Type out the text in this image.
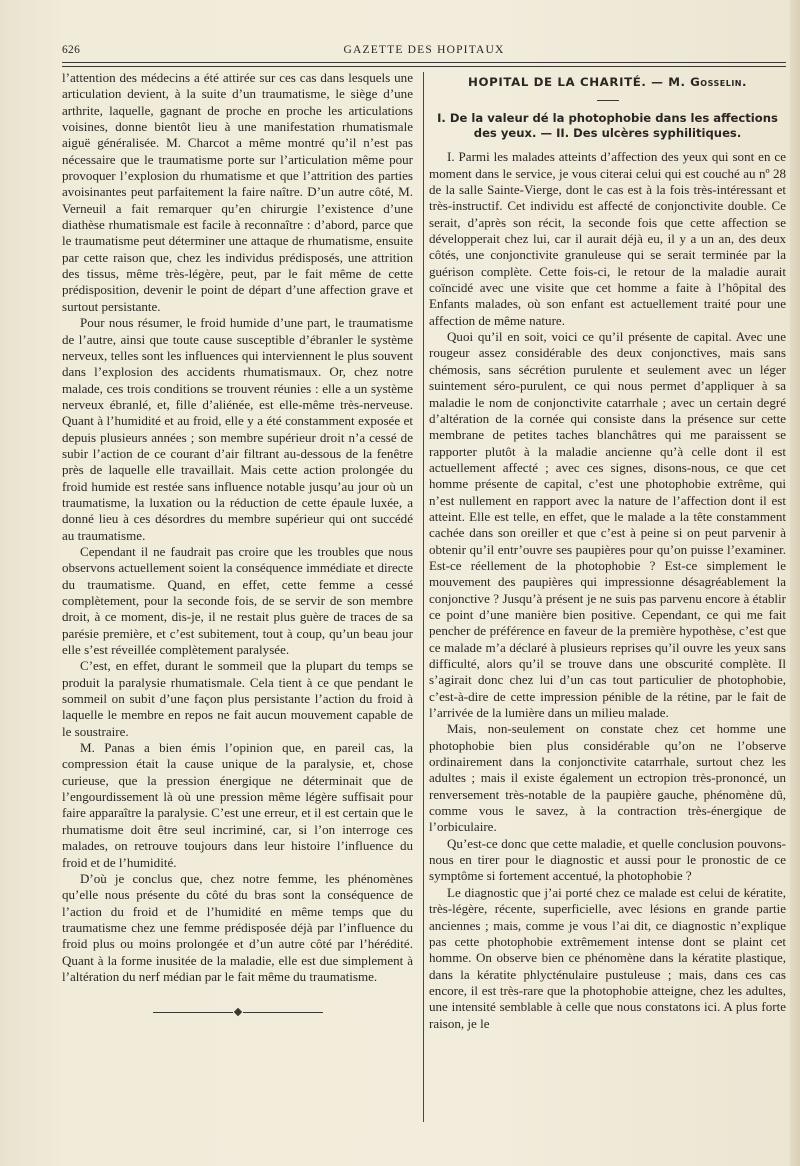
626	GAZETTE DES HOPITAUX

l’attention des médecins a été attirée sur ces cas dans lesquels une articulation devient, à la suite d’un traumatisme, le siège d’une arthrite, laquelle, gagnant de proche en proche les articulations voisines, donne bientôt lieu à une manifestation rhumatismale aiguë généralisée. M. Charcot a même montré qu’il n’est pas nécessaire que le traumatisme porte sur l’articulation même pour provoquer l’explosion du rhumatisme et que l’attrition des parties avoisinantes peut parfaitement la faire naître. D’un autre côté, M. Verneuil a fait remarquer qu’en chirurgie l’existence d’une diathèse rhumatismale est facile à reconnaître : d’abord, parce que le traumatisme peut déterminer une attaque de rhumatisme, ensuite par cette raison que, chez les individus prédisposés, une attrition des tissus, même très-légère, peut, par le fait même de cette prédisposition, devenir le point de départ d’une affection grave et surtout persistante.

Pour nous résumer, le froid humide d’une part, le traumatisme de l’autre, ainsi que toute cause susceptible d’ébranler le système nerveux, telles sont les influences qui interviennent le plus souvent dans l’explosion des accidents rhumatismaux. Or, chez notre malade, ces trois conditions se trouvent réunies : elle a un système nerveux ébranlé, et, fille d’aliénée, est elle-même très-nerveuse. Quant à l’humidité et au froid, elle y a été constamment exposée et depuis plusieurs années ; son membre supérieur droit n’a cessé de subir l’action de ce courant d’air filtrant au-dessous de la fenêtre près de laquelle elle travaillait. Mais cette action prolongée du froid humide est restée sans influence notable jusqu’au jour où un traumatisme, la luxation ou la réduction de cette épaule luxée, a donné lieu à ces désordres du membre supérieur qui ont succédé au traumatisme.

Cependant il ne faudrait pas croire que les troubles que nous observons actuellement soient la conséquence immédiate et directe du traumatisme. Quand, en effet, cette femme a cessé complètement, pour la seconde fois, de se servir de son membre droit, à ce moment, dis-je, il ne restait plus guère de traces de sa parésie première, et c’est subitement, tout à coup, qu’un beau jour elle s’est réveillée complètement paralysée.

C’est, en effet, durant le sommeil que la plupart du temps se produit la paralysie rhumatismale. Cela tient à ce que pendant le sommeil on subit d’une façon plus persistante l’action du froid à laquelle le membre en repos ne fait aucun mouvement capable de le soustraire.

M. Panas a bien émis l’opinion que, en pareil cas, la compression était la cause unique de la paralysie, et, chose curieuse, que la pression énergique ne déterminait que de l’engourdissement là où une pression même légère suffisait pour faire apparaître la paralysie. C’est une erreur, et il est certain que le rhumatisme doit être seul incriminé, car, si l’on interroge ces malades, on retrouve toujours dans leur histoire l’influence du froid et de l’humidité.

D’où je conclus que, chez notre femme, les phénomènes qu’elle nous présente du côté du bras sont la conséquence de l’action du froid et de l’humidité en même temps que du traumatisme chez une femme prédisposée déjà par l’influence du froid plus ou moins prolongée et d’un autre côté par l’hérédité. Quant à la forme inusitée de la maladie, elle est due simplement à l’altération du nerf médian par le fait même du traumatisme.

HOPITAL DE LA CHARITÉ. — M. Gosselin.
I. De la valeur dé la photophobie dans les affections des yeux. — II. Des ulcères syphilitiques.

I. Parmi les malades atteints d’affection des yeux qui sont en ce moment dans le service, je vous citerai celui qui est couché au nº 28 de la salle Sainte-Vierge, dont le cas est à la fois très-intéressant et très-instructif. Cet individu est affecté de conjonctivite double. Ce serait, d’après son récit, la seconde fois que cette affection se développerait chez lui, car il aurait déjà eu, il y a un an, des deux côtés, une conjonctivite granuleuse qui se serait terminée par la guérison complète. Cette fois-ci, le retour de la maladie aurait coïncidé avec une visite que cet homme a faite à l’hôpital des Enfants malades, où son enfant est actuellement traité pour une affection de même nature.

Quoi qu’il en soit, voici ce qu’il présente de capital. Avec une rougeur assez considérable des deux conjonctives, mais sans chémosis, sans sécrétion purulente et seulement avec un léger suintement séro-purulent, ce qui nous permet d’appliquer à sa maladie le nom de conjonctivite catarrhale ; avec un certain degré d’altération de la cornée qui consiste dans la présence sur cette membrane de petites taches blanchâtres qui me paraissent se rapporter plutôt à la maladie ancienne qu’à celle dont il est actuellement affecté ; avec ces signes, disons-nous, ce que cet homme présente de capital, c’est une photophobie extrême, qui n’est nullement en rapport avec la nature de l’affection dont il est atteint. Elle est telle, en effet, que le malade a la tête constamment cachée dans son oreiller et que c’est à peine si on peut parvenir à obtenir qu’il entr’ouvre ses paupières pour qu’on puisse l’examiner. Est-ce réellement de la photophobie ? Est-ce simplement le mouvement des paupières qui impressionne désagréablement la conjonctive ? Jusqu’à présent je ne suis pas parvenu encore à établir ce point d’une manière bien positive. Cependant, ce qui me fait pencher de préférence en faveur de la première hypothèse, c’est que ce malade m’a déclaré à plusieurs reprises qu’il ouvre les yeux sans difficulté, alors qu’il se trouve dans une obscurité complète. Il s’agirait donc chez lui d’un cas tout particulier de photophobie, c’est-à-dire de cette impression pénible de la rétine, par le fait de l’arrivée de la lumière dans un milieu malade.

Mais, non-seulement on constate chez cet homme une photophobie bien plus considérable qu’on ne l’observe ordinairement dans la conjonctivite catarrhale, surtout chez les adultes ; mais il existe également un ectropion très-prononcé, un renversement très-notable de la paupière gauche, phénomène dû, comme vous le savez, à la contraction très-énergique de l’orbiculaire.

Qu’est-ce donc que cette maladie, et quelle conclusion pouvons-nous en tirer pour le diagnostic et aussi pour le pronostic de ce symptôme si fortement accentué, la photophobie ?

Le diagnostic que j’ai porté chez ce malade est celui de kératite, très-légère, récente, superficielle, avec lésions en grande partie anciennes ; mais, comme je vous l’ai dit, ce diagnostic n’explique pas cette photophobie extrêmement intense dont se plaint cet homme. On observe bien ce phénomène dans la kératite plastique, dans la kératite phlycténulaire pustuleuse ; mais, dans ces cas encore, il est très-rare que la photophobie atteigne, chez les adultes, une intensité semblable à celle que nous constatons ici. A plus forte raison, je le
